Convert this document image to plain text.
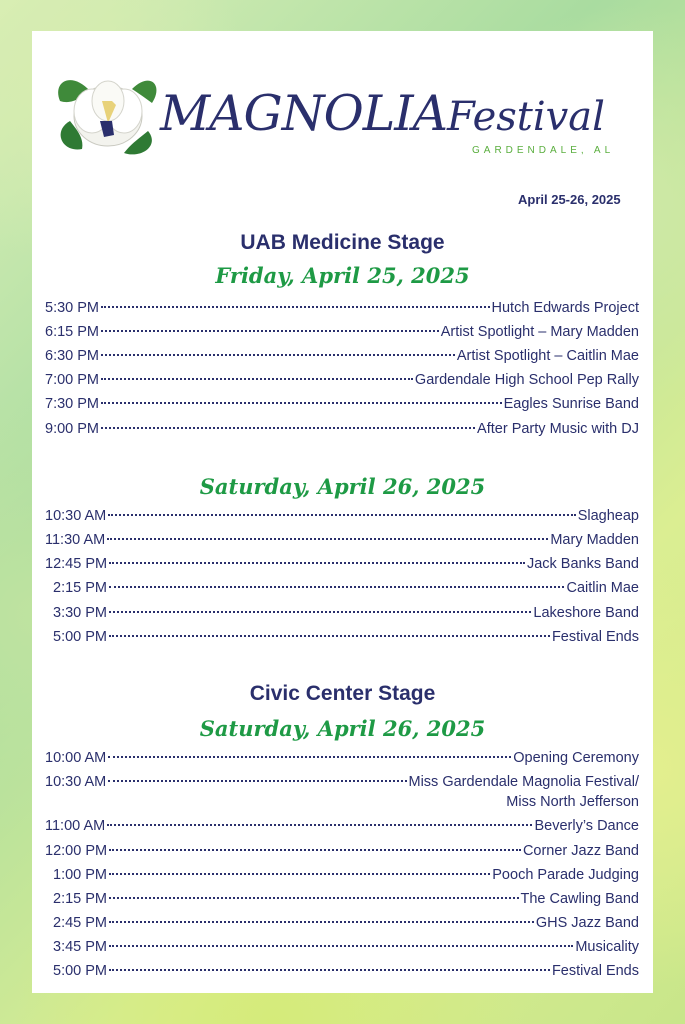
MAGNOLIAFestival
GARDENDALE, AL
April 25-26, 2025
UAB Medicine Stage
Friday, April 25, 2025
5:30 PM	Hutch Edwards Project
6:15 PM	Artist Spotlight – Mary Madden
6:30 PM	Artist Spotlight – Caitlin Mae
7:00 PM	Gardendale High School Pep Rally
7:30 PM	Eagles Sunrise Band
9:00 PM	After Party Music with DJ
Saturday, April 26, 2025
10:30 AM	Slagheap
11:30 AM	Mary Madden
12:45 PM	Jack Banks Band
2:15 PM	Caitlin Mae
3:30 PM	Lakeshore Band
5:00 PM	Festival Ends
Civic Center Stage
Saturday, April 26, 2025
10:00 AM	Opening Ceremony
10:30 AM	Miss Gardendale Magnolia Festival/
Miss North Jefferson
11:00 AM	Beverly’s Dance
12:00 PM	Corner Jazz Band
1:00 PM	Pooch Parade Judging
2:15 PM	The Cawling Band
2:45 PM	GHS Jazz Band
3:45 PM	Musicality
5:00 PM	Festival Ends
